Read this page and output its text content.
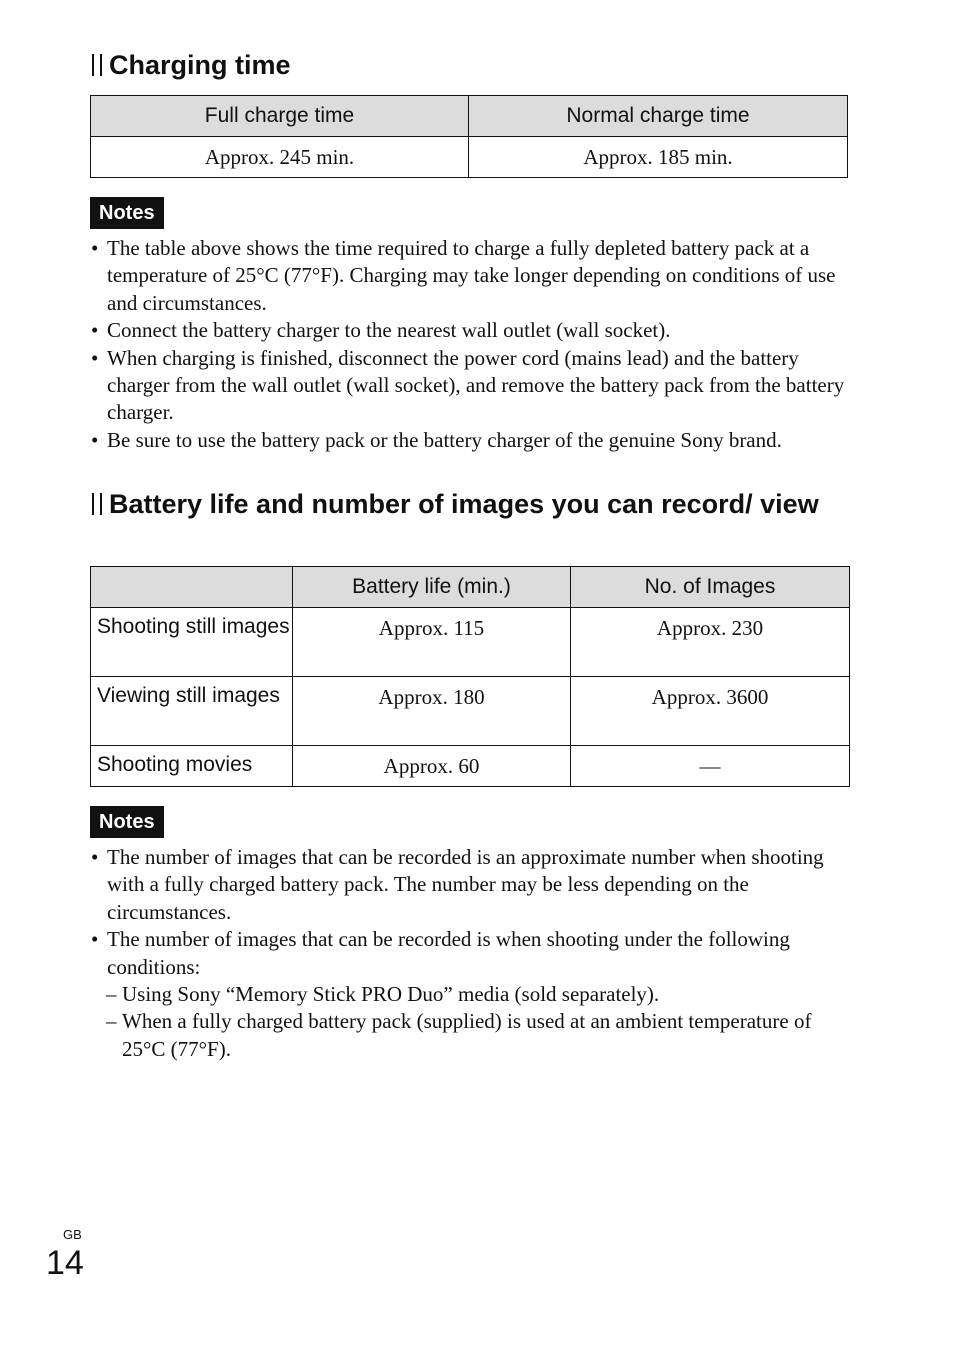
Charging time
Full charge time	Normal charge time
Approx. 245 min.	Approx. 185 min.
Notes
• The table above shows the time required to charge a fully depleted battery pack at a temperature of 25°C (77°F). Charging may take longer depending on conditions of use and circumstances.
• Connect the battery charger to the nearest wall outlet (wall socket).
• When charging is finished, disconnect the power cord (mains lead) and the battery charger from the wall outlet (wall socket), and remove the battery pack from the battery charger.
• Be sure to use the battery pack or the battery charger of the genuine Sony brand.
Battery life and number of images you can record/ view
	Battery life (min.)	No. of Images
Shooting still images	Approx. 115	Approx. 230
Viewing still images	Approx. 180	Approx. 3600
Shooting movies	Approx. 60	—
Notes
• The number of images that can be recorded is an approximate number when shooting with a fully charged battery pack. The number may be less depending on the circumstances.
• The number of images that can be recorded is when shooting under the following conditions:
– Using Sony “Memory Stick PRO Duo” media (sold separately).
– When a fully charged battery pack (supplied) is used at an ambient temperature of 25°C (77°F).
GB
14
